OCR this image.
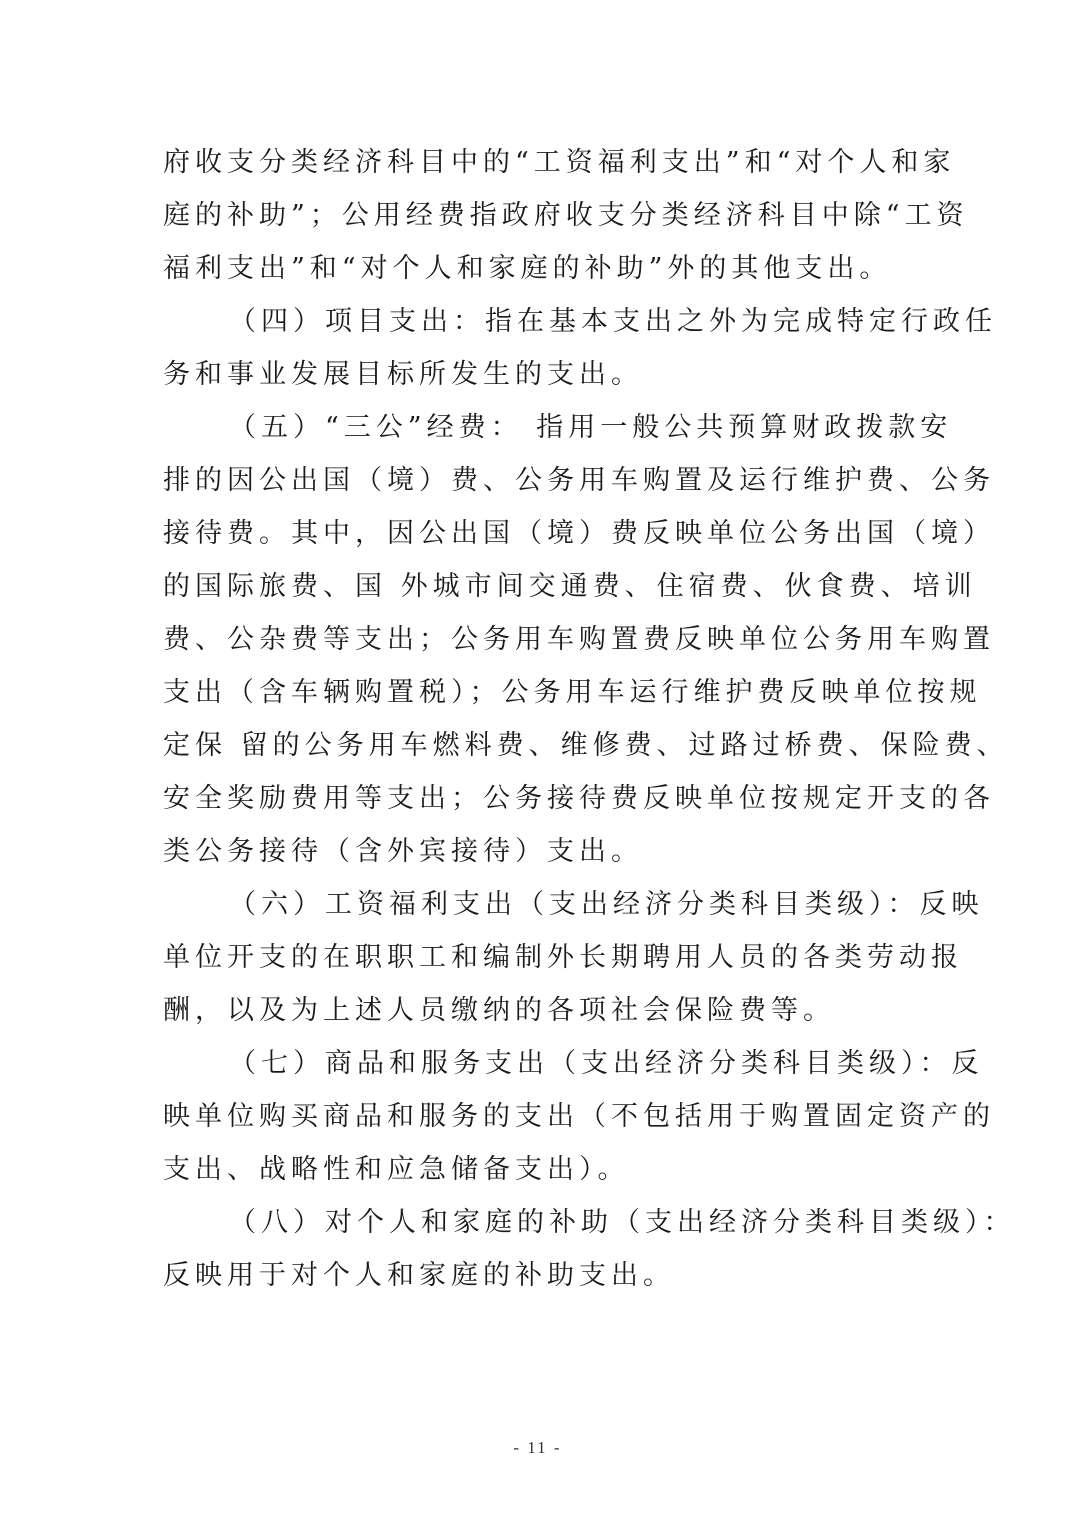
府收支分类经济科目中的“工资福利支出”和“对个人和家
庭的补助”；公用经费指政府收支分类经济科目中除“工资
福利支出”和“对个人和家庭的补助”外的其他支出。
（四）项目支出：指在基本支出之外为完成特定行政任
务和事业发展目标所发生的支出。
（五）“三公”经费： 指用一般公共预算财政拨款安
排的因公出国（境）费、公务用车购置及运行维护费、公务
接待费。其中，因公出国（境）费反映单位公务出国（境）
的国际旅费、国 外城市间交通费、住宿费、伙食费、培训
费、公杂费等支出；公务用车购置费反映单位公务用车购置
支出（含车辆购置税）；公务用车运行维护费反映单位按规
定保 留的公务用车燃料费、维修费、过路过桥费、保险费、
安全奖励费用等支出；公务接待费反映单位按规定开支的各
类公务接待（含外宾接待）支出。
（六）工资福利支出（支出经济分类科目类级）：反映
单位开支的在职职工和编制外长期聘用人员的各类劳动报
酬，以及为上述人员缴纳的各项社会保险费等。
（七）商品和服务支出（支出经济分类科目类级）：反
映单位购买商品和服务的支出（不包括用于购置固定资产的
支出、战略性和应急储备支出）。
（八）对个人和家庭的补助（支出经济分类科目类级）：
反映用于对个人和家庭的补助支出。
- 11 -
